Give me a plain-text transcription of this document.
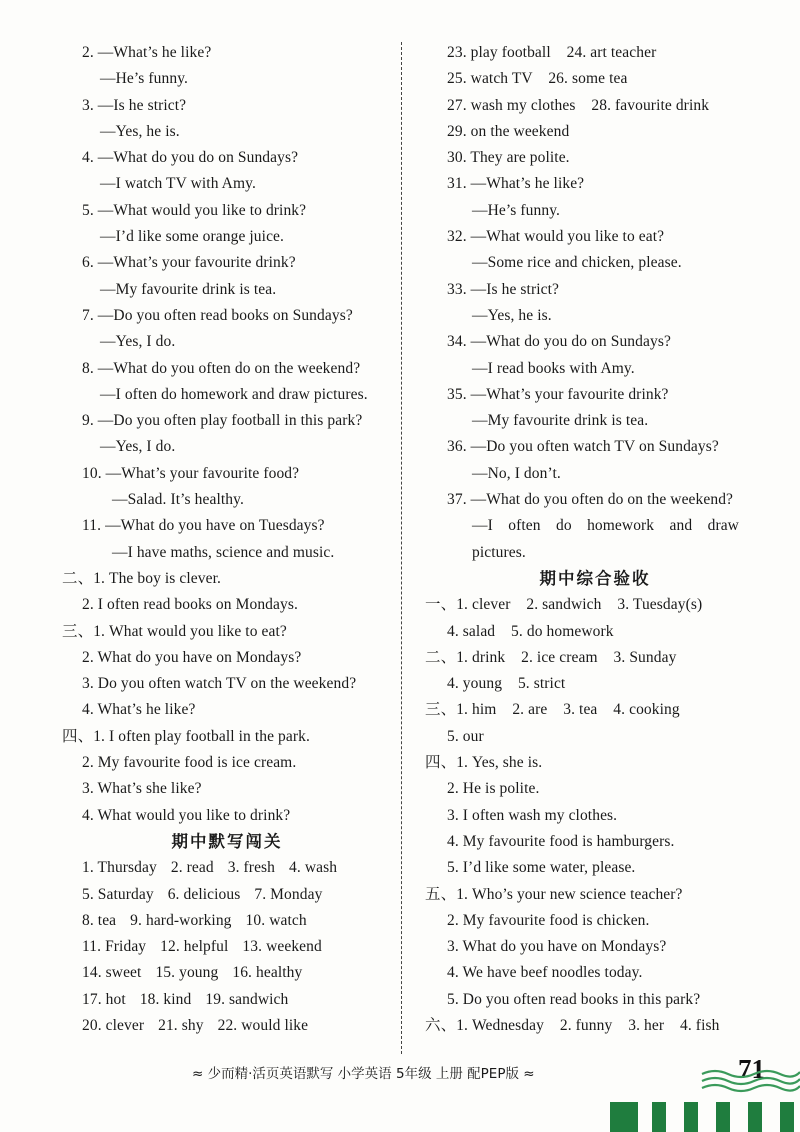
2. —What’s he like?
—He’s funny.
3. —Is he strict?
—Yes, he is.
4. —What do you do on Sundays?
—I watch TV with Amy.
5. —What would you like to drink?
—I’d like some orange juice.
6. —What’s your favourite drink?
—My favourite drink is tea.
7. —Do you often read books on Sundays?
—Yes, I do.
8. —What do you often do on the weekend?
—I often do homework and draw pictures.
9. —Do you often play football in this park?
—Yes, I do.
10. —What’s your favourite food?
—Salad. It’s healthy.
11. —What do you have on Tuesdays?
—I have maths, science and music.
二、1. The boy is clever.
2. I often read books on Mondays.
三、1. What would you like to eat?
2. What do you have on Mondays?
3. Do you often watch TV on the weekend?
4. What’s he like?
四、1. I often play football in the park.
2. My favourite food is ice cream.
3. What’s she like?
4. What would you like to drink?
期中默写闯关
1. Thursday 2. read 3. fresh 4. wash
5. Saturday 6. delicious 7. Monday
8. tea 9. hard-working 10. watch
11. Friday 12. helpful 13. weekend
14. sweet 15. young 16. healthy
17. hot 18. kind 19. sandwich
20. clever 21. shy 22. would like
23. play football    24. art teacher
25. watch TV    26. some tea
27. wash my clothes    28. favourite drink
29. on the weekend
30. They are polite.
31. —What’s he like?
—He’s funny.
32. —What would you like to eat?
—Some rice and chicken, please.
33. —Is he strict?
—Yes, he is.
34. —What do you do on Sundays?
—I read books with Amy.
35. —What’s your favourite drink?
—My favourite drink is tea.
36. —Do you often watch TV on Sundays?
—No, I don’t.
37. —What do you often do on the weekend?
—I often do homework and draw
pictures.
期中综合验收
一、1. clever    2. sandwich    3. Tuesday(s)
4. salad    5. do homework
二、1. drink    2. ice cream    3. Sunday
4. young    5. strict
三、1. him    2. are    3. tea    4. cooking
5. our
四、1. Yes, she is.
2. He is polite.
3. I often wash my clothes.
4. My favourite food is hamburgers.
5. I’d like some water, please.
五、1. Who’s your new science teacher?
2. My favourite food is chicken.
3. What do you have on Mondays?
4. We have beef noodles today.
5. Do you often read books in this park?
六、1. Wednesday    2. funny    3. her    4. fish
≈ 少而精·活页英语默写 小学英语 5年级 上册 配PEP版 ≈	71
